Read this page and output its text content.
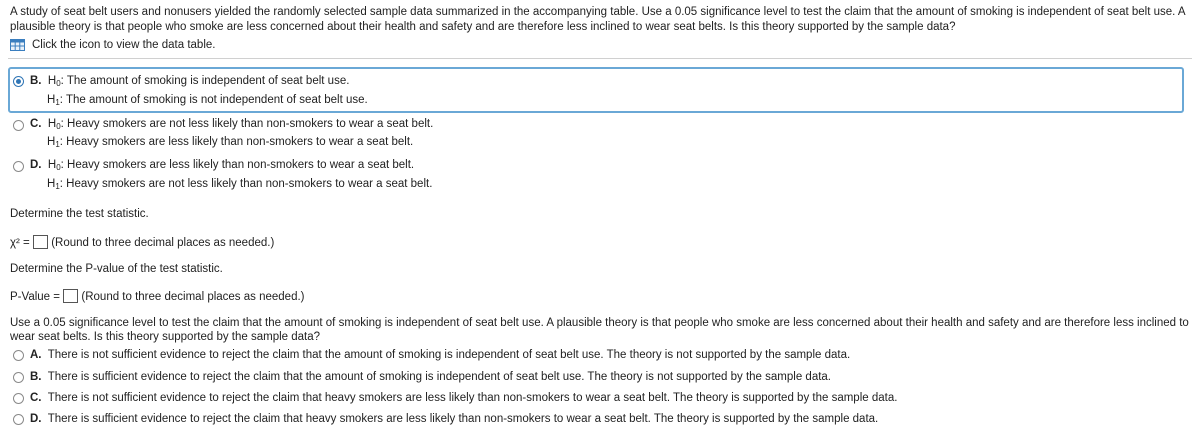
A study of seat belt users and nonusers yielded the randomly selected sample data summarized in the accompanying table. Use a 0.05 significance level to test the claim that the amount of smoking is independent of seat belt use. A plausible theory is that people who smoke are less concerned about their health and safety and are therefore less inclined to wear seat belts. Is this theory supported by the sample data?
Click the icon to view the data table.
B. $H_0$: The amount of smoking is independent of seat belt use.
$H_1$: The amount of smoking is not independent of seat belt use.
C. $H_0$: Heavy smokers are not less likely than non-smokers to wear a seat belt.
$H_1$: Heavy smokers are less likely than non-smokers to wear a seat belt.
D. $H_0$: Heavy smokers are less likely than non-smokers to wear a seat belt.
$H_1$: Heavy smokers are not less likely than non-smokers to wear a seat belt.
Determine the test statistic.
χ² = (Round to three decimal places as needed.)
Determine the P-value of the test statistic.
P-Value = (Round to three decimal places as needed.)
Use a 0.05 significance level to test the claim that the amount of smoking is independent of seat belt use. A plausible theory is that people who smoke are less concerned about their health and safety and are therefore less inclined to wear seat belts. Is this theory supported by the sample data?
A. There is not sufficient evidence to reject the claim that the amount of smoking is independent of seat belt use. The theory is not supported by the sample data.
B. There is sufficient evidence to reject the claim that the amount of smoking is independent of seat belt use. The theory is not supported by the sample data.
C. There is not sufficient evidence to reject the claim that heavy smokers are less likely than non-smokers to wear a seat belt. The theory is supported by the sample data.
D. There is sufficient evidence to reject the claim that heavy smokers are less likely than non-smokers to wear a seat belt. The theory is supported by the sample data.
